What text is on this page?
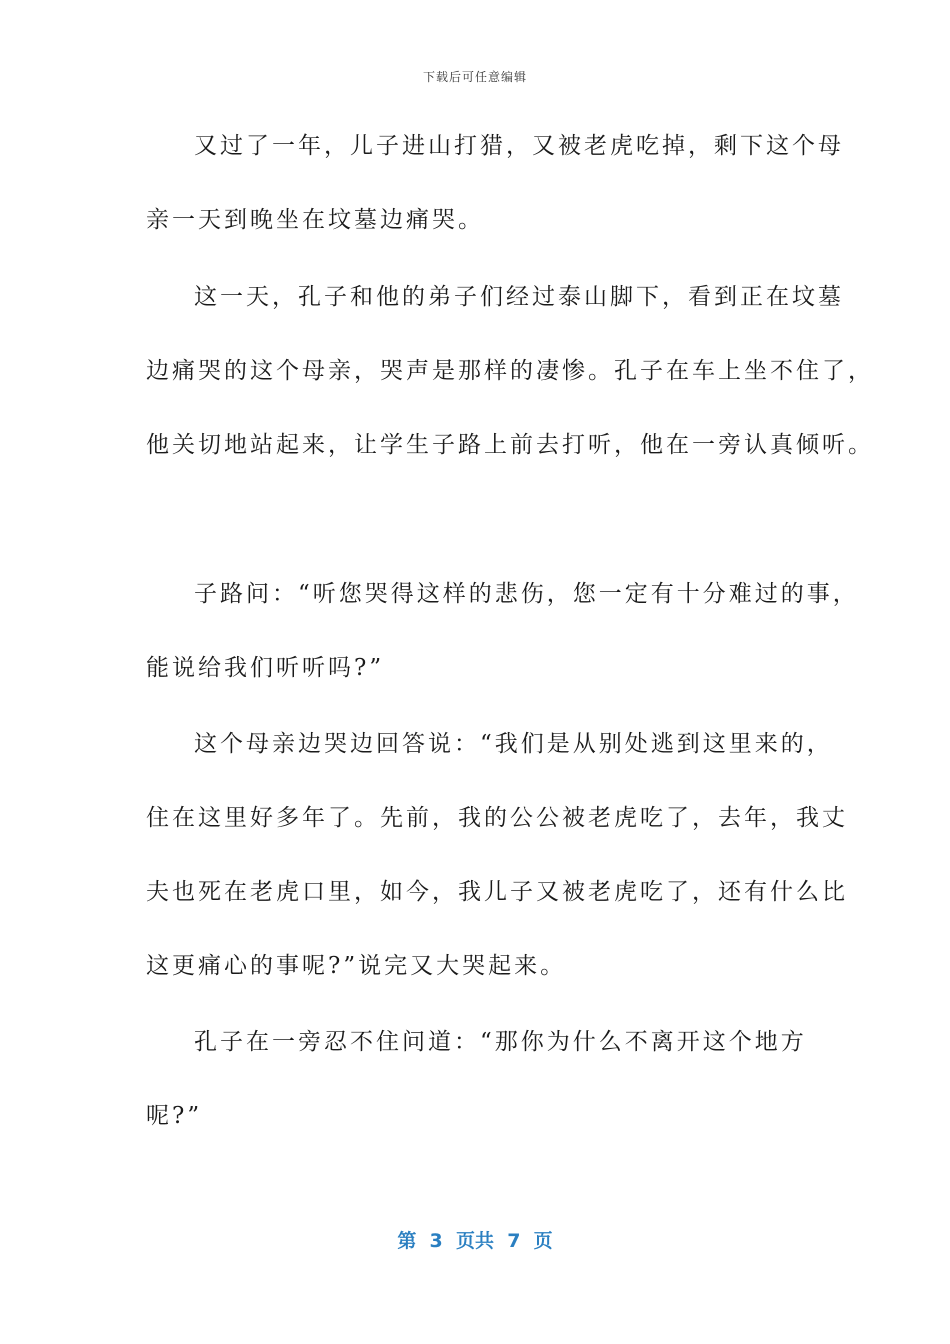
下载后可任意编辑
又过了一年，儿子进山打猎，又被老虎吃掉，剩下这个母
亲一天到晚坐在坟墓边痛哭。
这一天，孔子和他的弟子们经过泰山脚下，看到正在坟墓
边痛哭的这个母亲，哭声是那样的凄惨。孔子在车上坐不住了，
他关切地站起来，让学生子路上前去打听，他在一旁认真倾听。
子路问：“听您哭得这样的悲伤，您一定有十分难过的事，
能说给我们听听吗?”
这个母亲边哭边回答说：“我们是从别处逃到这里来的，
住在这里好多年了。先前，我的公公被老虎吃了，去年，我丈
夫也死在老虎口里，如今，我儿子又被老虎吃了，还有什么比
这更痛心的事呢?”说完又大哭起来。
孔子在一旁忍不住问道：“那你为什么不离开这个地方
呢?”
第  3  页共  7  页
